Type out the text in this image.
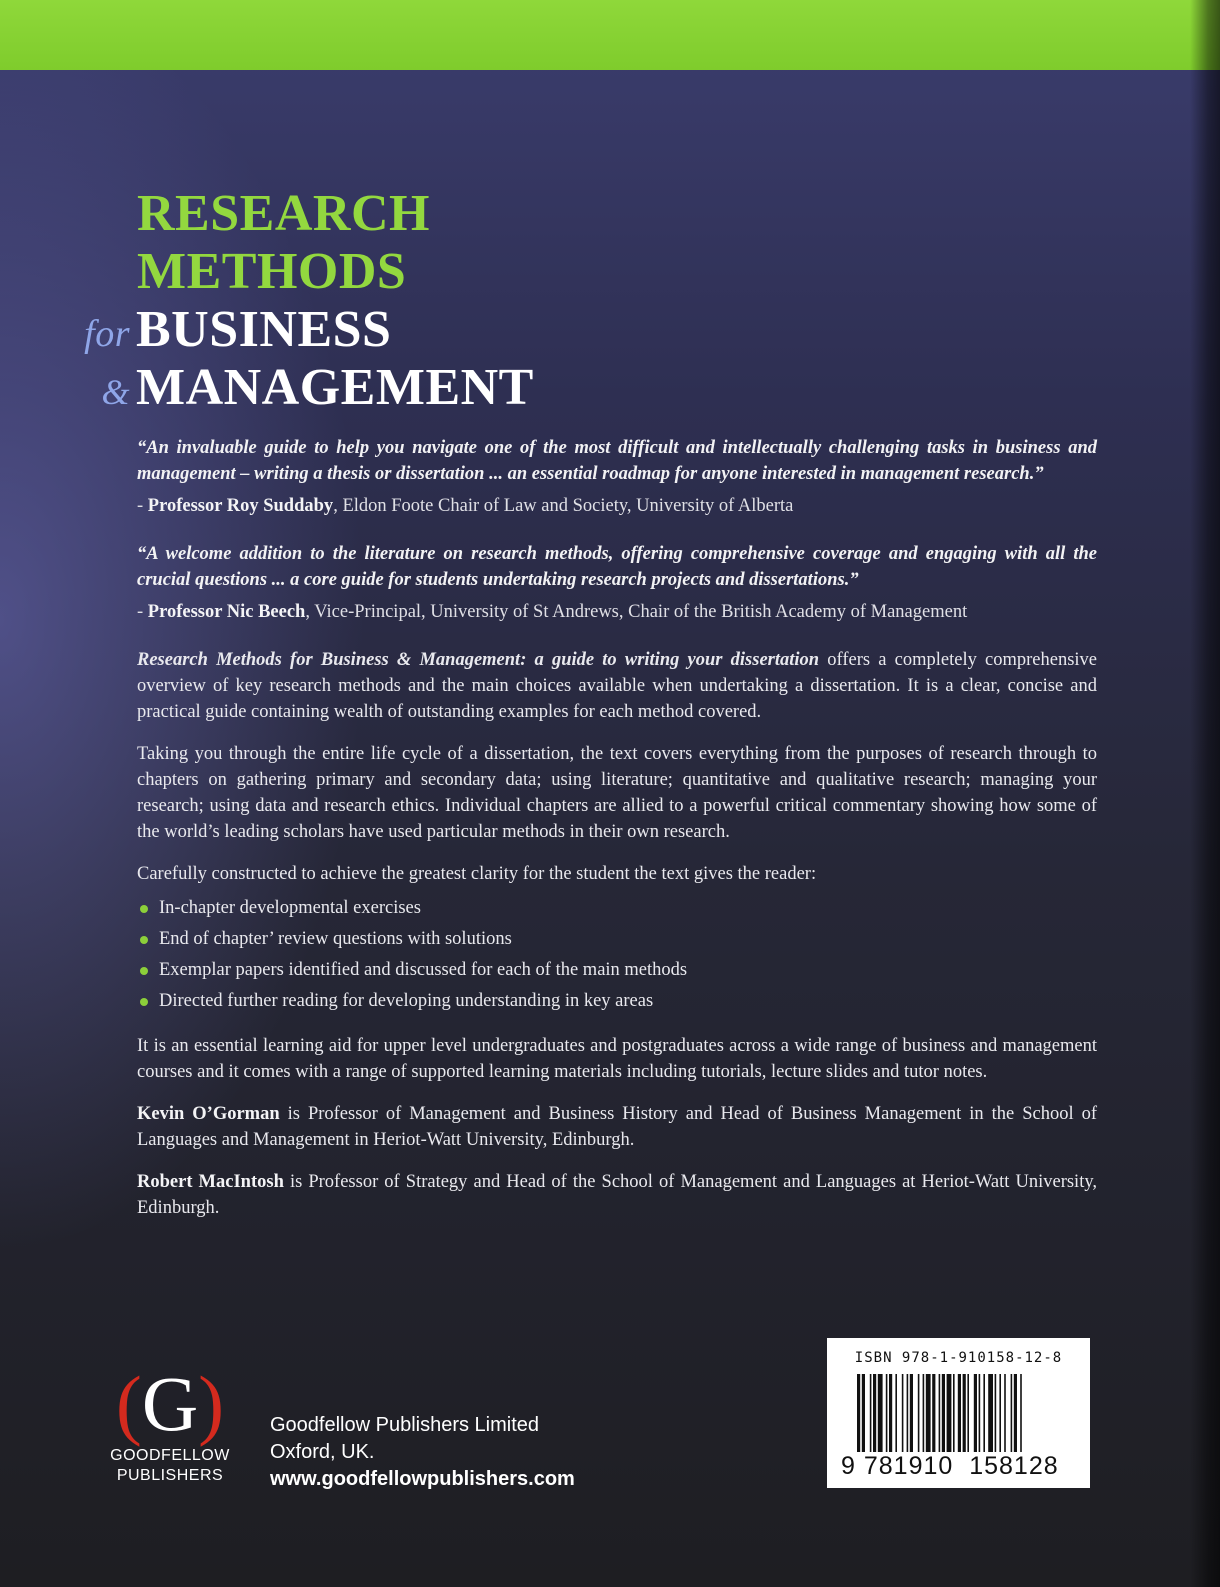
RESEARCH
METHODS
for BUSINESS
& MANAGEMENT

“An invaluable guide to help you navigate one of the most difficult and intellectually challenging tasks in business and management – writing a thesis or dissertation ... an essential roadmap for anyone interested in management research.”

- Professor Roy Suddaby, Eldon Foote Chair of Law and Society, University of Alberta

“A welcome addition to the literature on research methods, offering comprehensive coverage and engaging with all the crucial questions ... a core guide for students undertaking research projects and dissertations.”

- Professor Nic Beech, Vice-Principal, University of St Andrews, Chair of the British Academy of Management

Research Methods for Business & Management: a guide to writing your dissertation offers a completely comprehensive overview of key research methods and the main choices available when undertaking a dissertation. It is a clear, concise and practical guide containing wealth of outstanding examples for each method covered.

Taking you through the entire life cycle of a dissertation, the text covers everything from the purposes of research through to chapters on gathering primary and secondary data; using literature; quantitative and qualitative research; managing your research; using data and research ethics. Individual chapters are allied to a powerful critical commentary showing how some of the world’s leading scholars have used particular methods in their own research.

Carefully constructed to achieve the greatest clarity for the student the text gives the reader:

In-chapter developmental exercises
End of chapter’ review questions with solutions
Exemplar papers identified and discussed for each of the main methods
Directed further reading for developing understanding in key areas

It is an essential learning aid for upper level undergraduates and postgraduates across a wide range of business and management courses and it comes with a range of supported learning materials including tutorials, lecture slides and tutor notes.

Kevin O’Gorman is Professor of Management and Business History and Head of Business Management in the School of Languages and Management in Heriot-Watt University, Edinburgh.

Robert MacIntosh is Professor of Strategy and Head of the School of Management and Languages at Heriot-Watt University, Edinburgh.

(G)
GOODFELLOW
PUBLISHERS
Goodfellow Publishers Limited
Oxford, UK.
www.goodfellowpublishers.com
ISBN 978-1-910158-12-8
9 781910 158128
